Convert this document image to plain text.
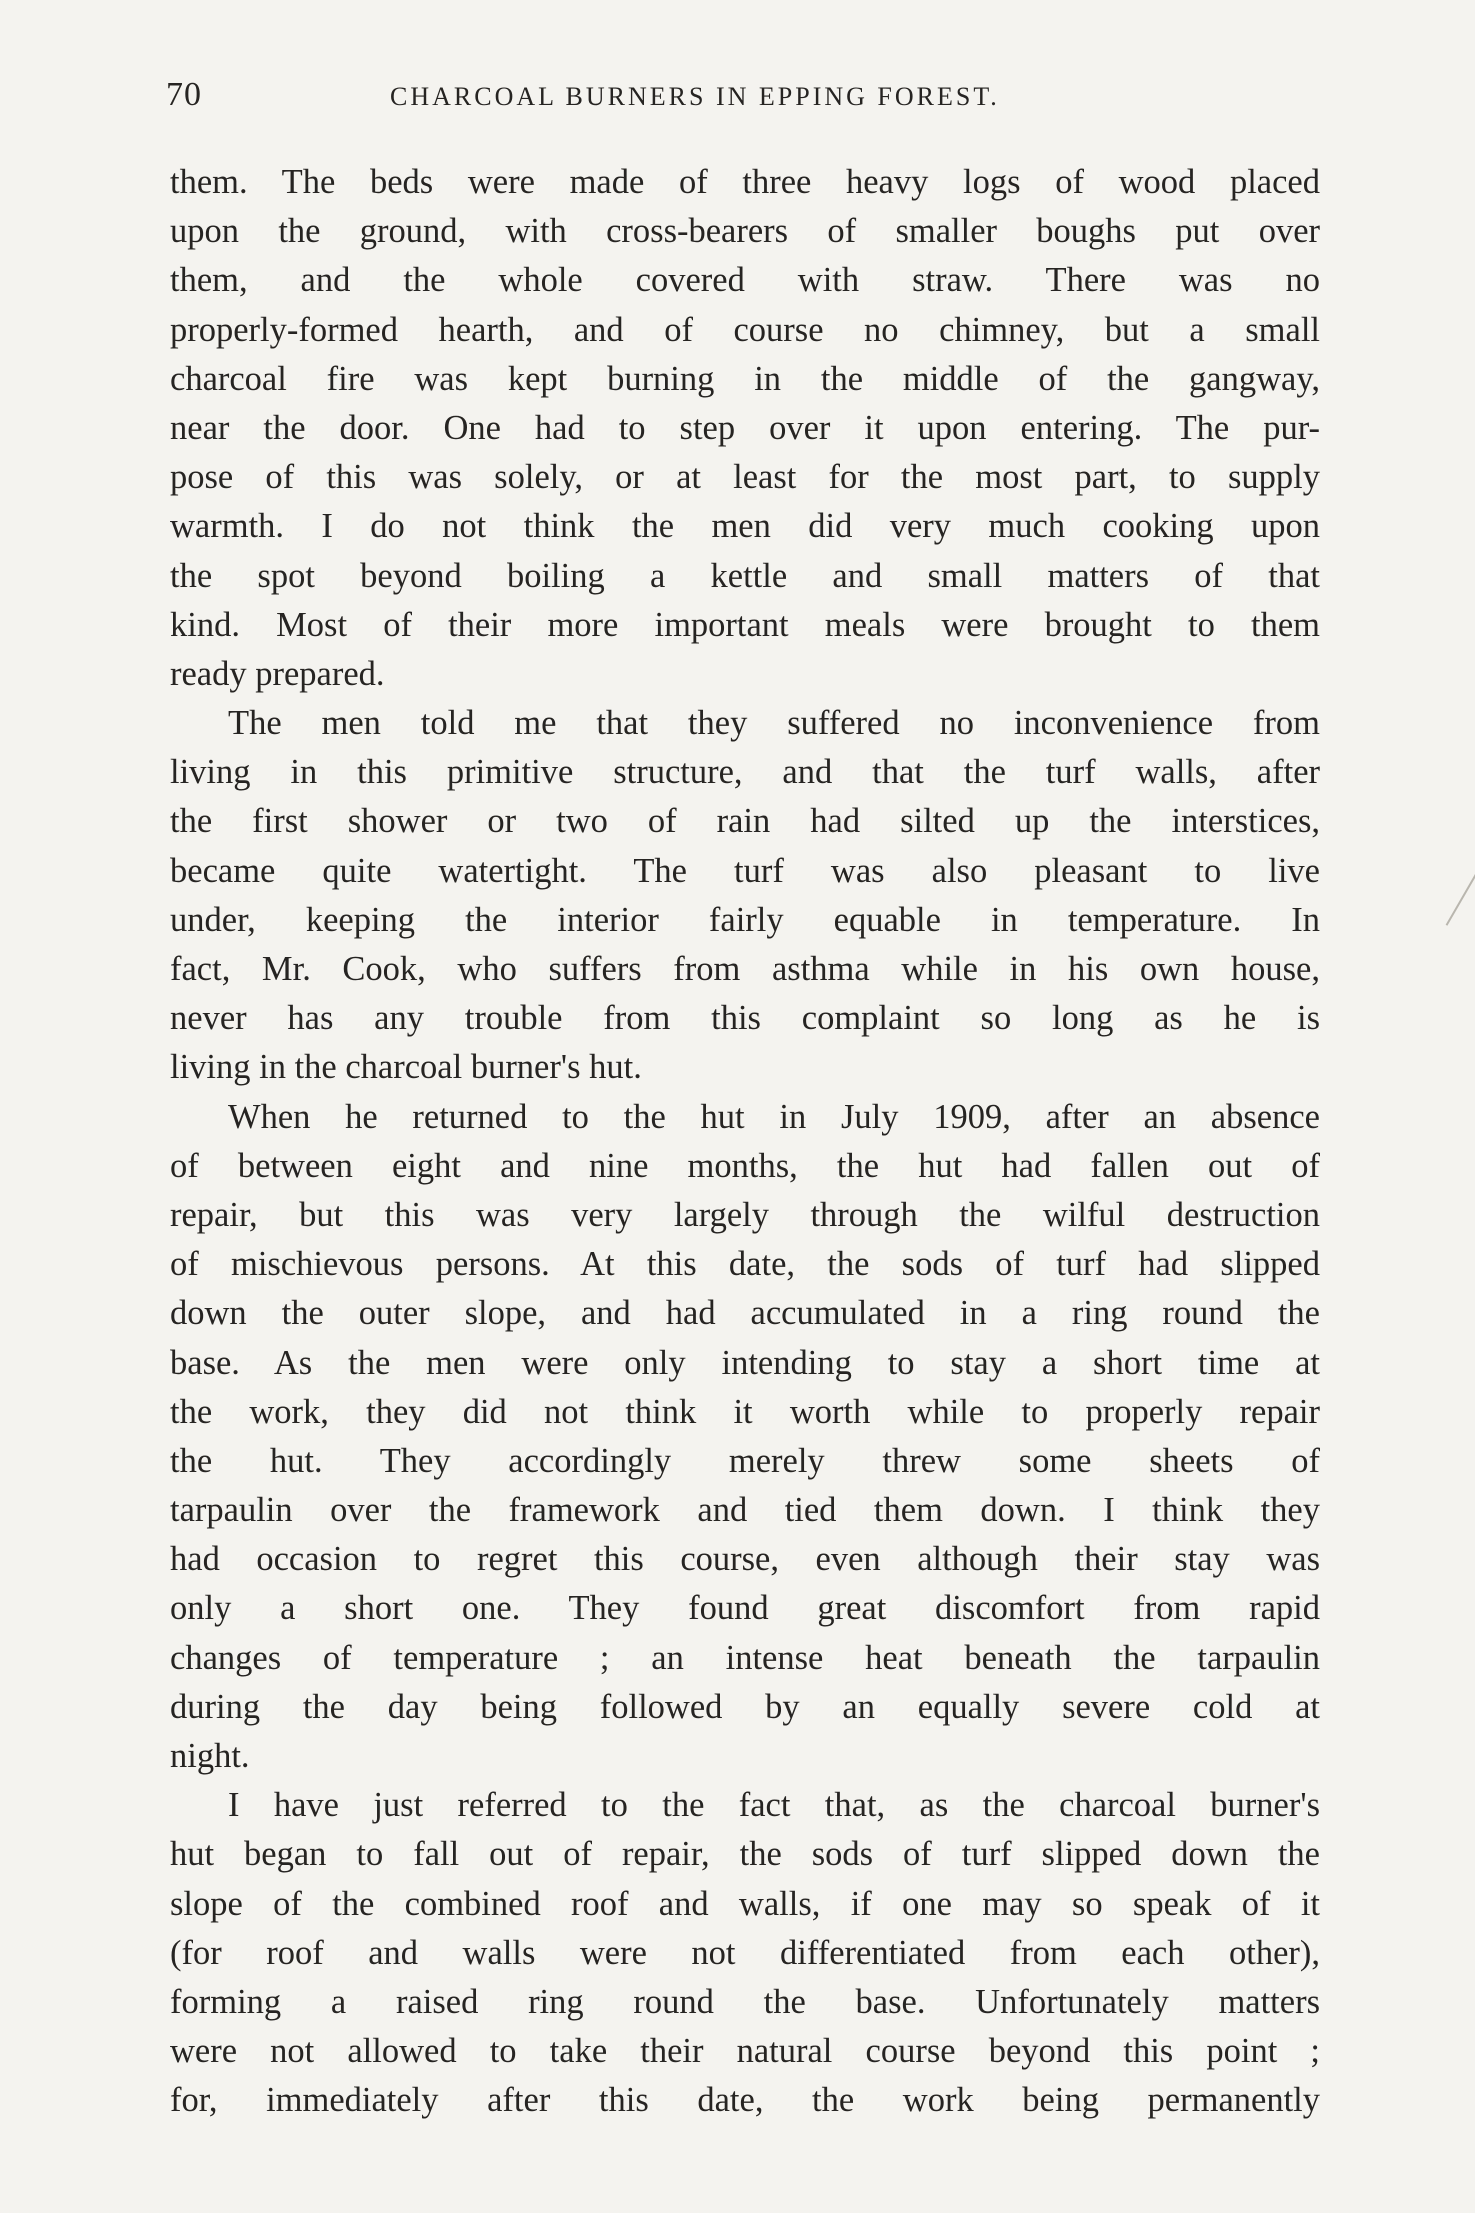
70	CHARCOAL BURNERS IN EPPING FOREST.
them. The beds were made of three heavy logs of wood placed
upon the ground, with cross-bearers of smaller boughs put over
them, and the whole covered with straw. There was no
properly-formed hearth, and of course no chimney, but a small
charcoal fire was kept burning in the middle of the gangway,
near the door. One had to step over it upon entering. The pur-
pose of this was solely, or at least for the most part, to supply
warmth. I do not think the men did very much cooking upon
the spot beyond boiling a kettle and small matters of that
kind. Most of their more important meals were brought to them
ready prepared.
The men told me that they suffered no inconvenience from
living in this primitive structure, and that the turf walls, after
the first shower or two of rain had silted up the interstices,
became quite watertight. The turf was also pleasant to live
under, keeping the interior fairly equable in temperature. In
fact, Mr. Cook, who suffers from asthma while in his own house,
never has any trouble from this complaint so long as he is
living in the charcoal burner's hut.
When he returned to the hut in July 1909, after an absence
of between eight and nine months, the hut had fallen out of
repair, but this was very largely through the wilful destruction
of mischievous persons. At this date, the sods of turf had slipped
down the outer slope, and had accumulated in a ring round the
base. As the men were only intending to stay a short time at
the work, they did not think it worth while to properly repair
the hut. They accordingly merely threw some sheets of
tarpaulin over the framework and tied them down. I think they
had occasion to regret this course, even although their stay was
only a short one. They found great discomfort from rapid
changes of temperature ; an intense heat beneath the tarpaulin
during the day being followed by an equally severe cold at
night.
I have just referred to the fact that, as the charcoal burner's
hut began to fall out of repair, the sods of turf slipped down the
slope of the combined roof and walls, if one may so speak of it
(for roof and walls were not differentiated from each other),
forming a raised ring round the base. Unfortunately matters
were not allowed to take their natural course beyond this point ;
for, immediately after this date, the work being permanently
